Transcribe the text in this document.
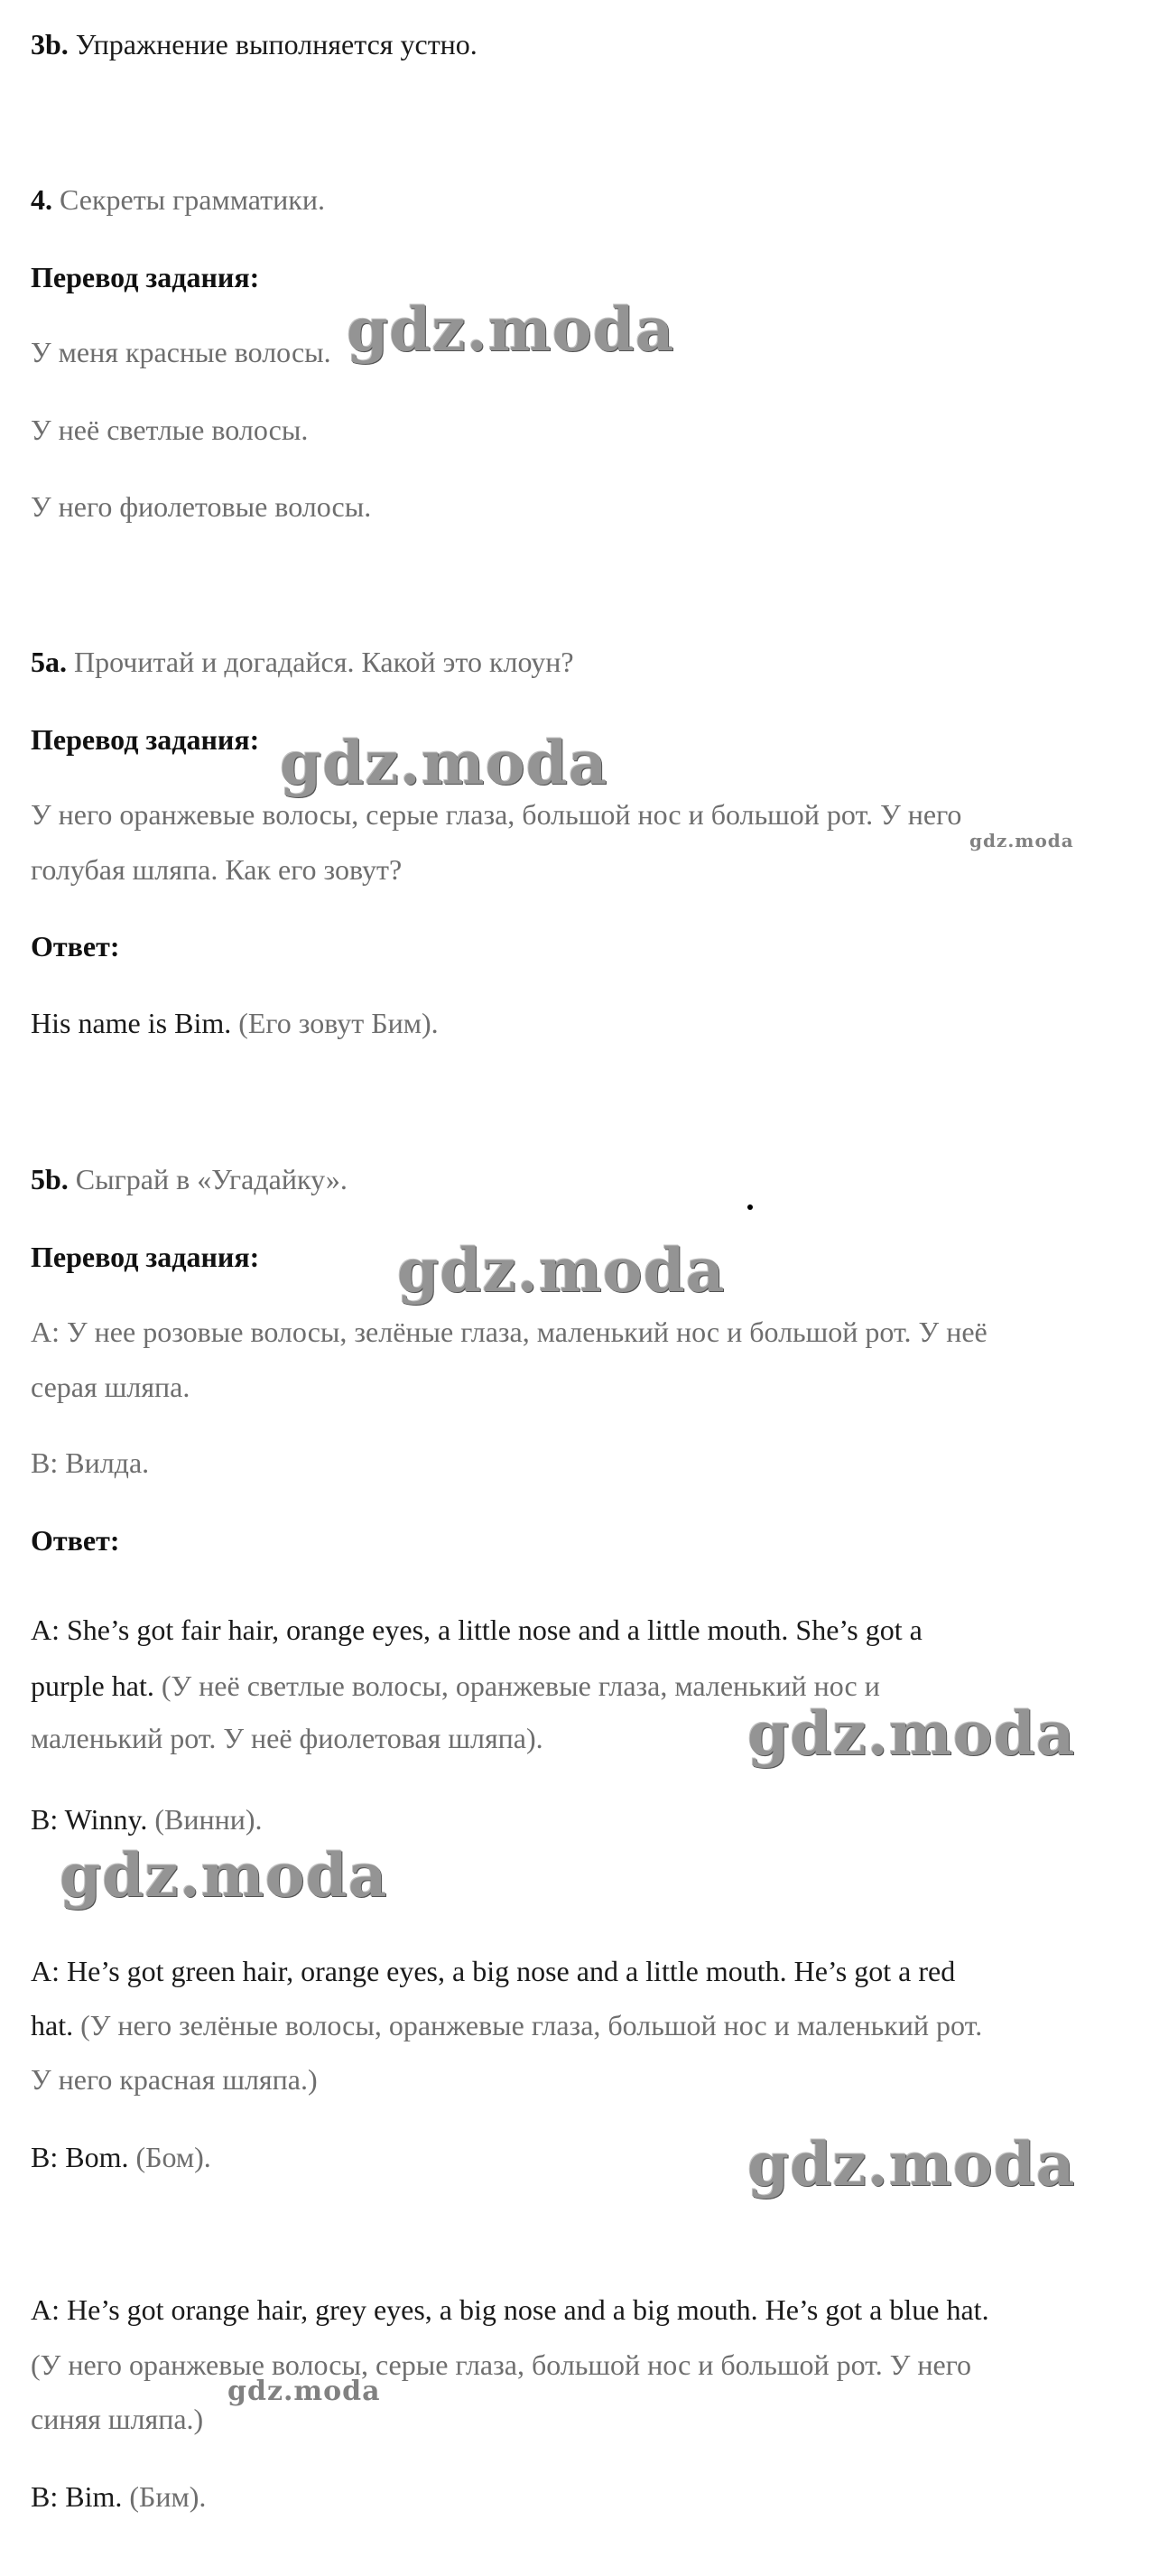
3b. Упражнение выполняется устно.
4. Секреты грамматики.
Перевод задания:
У меня красные волосы.
У неё светлые волосы.
У него фиолетовые волосы.
5a. Прочитай и догадайся. Какой это клоун?
Перевод задания:
У него оранжевые волосы, серые глаза, большой нос и большой рот. У него
голубая шляпа. Как его зовут?
Ответ:
His name is Bim. (Его зовут Бим).
5b. Сыграй в «Угадайку».
Перевод задания:
А: У нее розовые волосы, зелёные глаза, маленький нос и большой рот. У неё
серая шляпа.
В: Вилда.
Ответ:
A: She’s got fair hair, orange eyes, a little nose and a little mouth. She’s got a
purple hat. (У неё светлые волосы, оранжевые глаза, маленький нос и
маленький рот. У неё фиолетовая шляпа).
B: Winny. (Винни).
A: He’s got green hair, orange eyes, a big nose and a little mouth. He’s got a red
hat. (У него зелёные волосы, оранжевые глаза, большой нос и маленький рот.
У него красная шляпа.)
B: Bom. (Бом).
A: He’s got orange hair, grey eyes, a big nose and a big mouth. He’s got a blue hat.
(У него оранжевые волосы, серые глаза, большой нос и большой рот. У него
синяя шляпа.)
B: Bim. (Бим).
gdz.moda
gdz.moda
gdz.moda
gdz.moda
gdz.moda
gdz.moda
gdz.moda
gdz.moda
